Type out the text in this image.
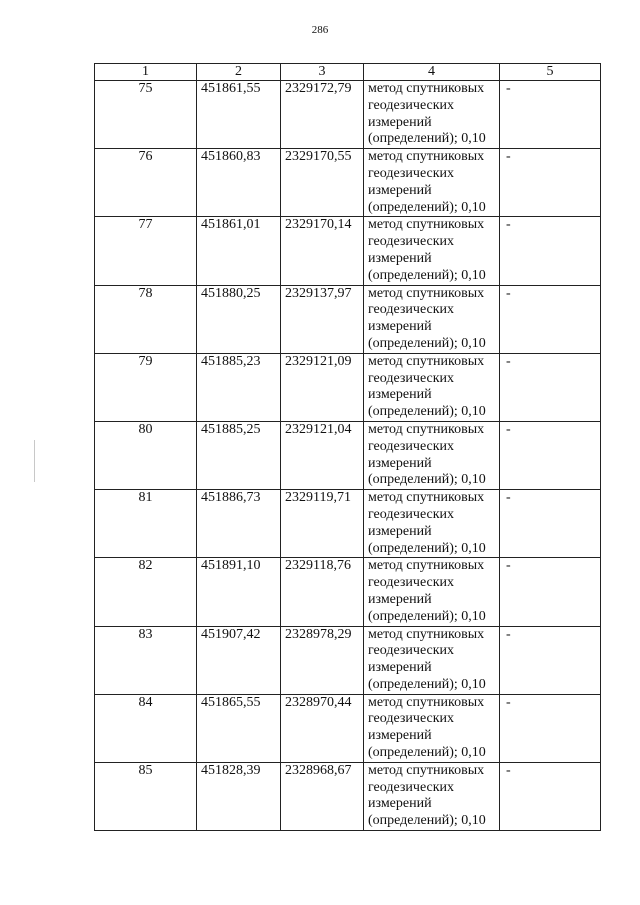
286
1	2	3	4	5
75	451861,55	2329172,79	метод спутниковых геодезических измерений (определений); 0,10	-
76	451860,83	2329170,55	метод спутниковых геодезических измерений (определений); 0,10	-
77	451861,01	2329170,14	метод спутниковых геодезических измерений (определений); 0,10	-
78	451880,25	2329137,97	метод спутниковых геодезических измерений (определений); 0,10	-
79	451885,23	2329121,09	метод спутниковых геодезических измерений (определений); 0,10	-
80	451885,25	2329121,04	метод спутниковых геодезических измерений (определений); 0,10	-
81	451886,73	2329119,71	метод спутниковых геодезических измерений (определений); 0,10	-
82	451891,10	2329118,76	метод спутниковых геодезических измерений (определений); 0,10	-
83	451907,42	2328978,29	метод спутниковых геодезических измерений (определений); 0,10	-
84	451865,55	2328970,44	метод спутниковых геодезических измерений (определений); 0,10	-
85	451828,39	2328968,67	метод спутниковых геодезических измерений (определений); 0,10	-
